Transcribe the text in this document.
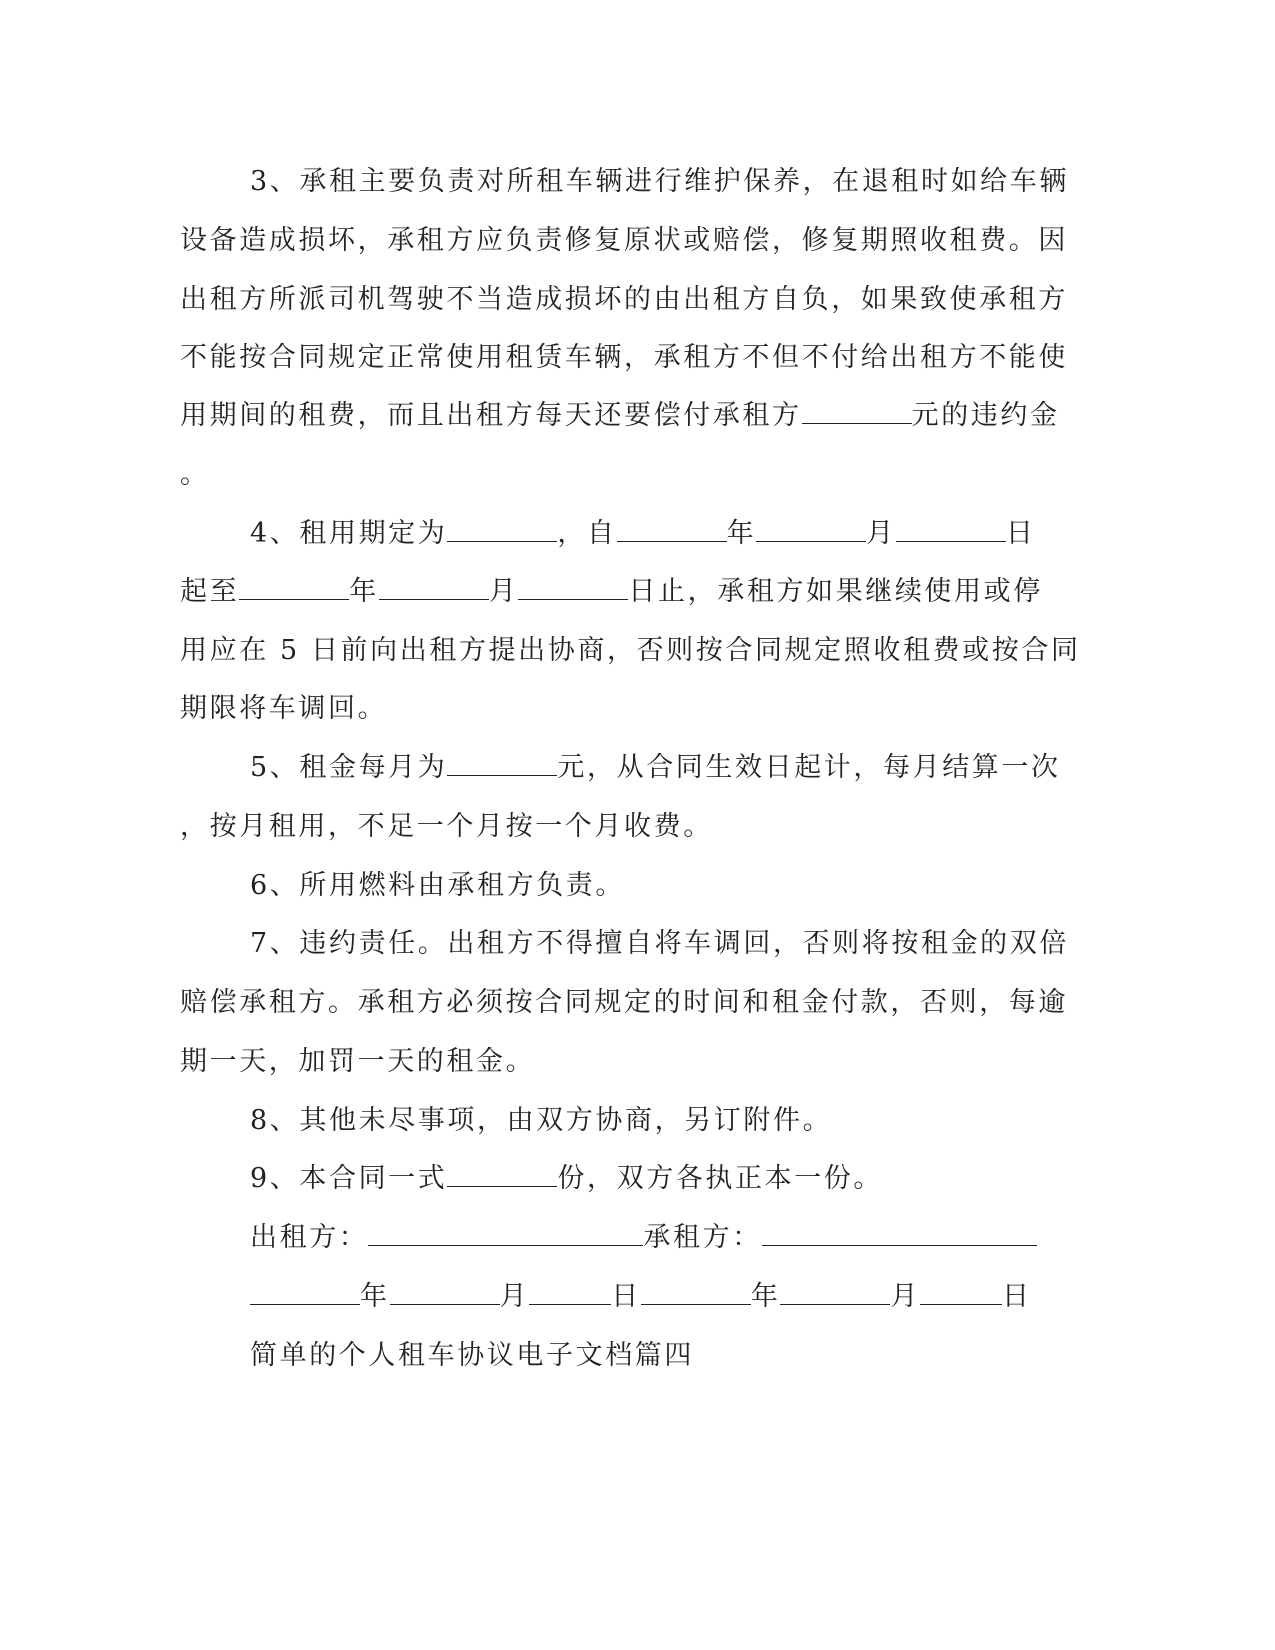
3、承租主要负责对所租车辆进行维护保养，在退租时如给车辆
设备造成损坏，承租方应负责修复原状或赔偿，修复期照收租费。因
出租方所派司机驾驶不当造成损坏的由出租方自负，如果致使承租方
不能按合同规定正常使用租赁车辆，承租方不但不付给出租方不能使
用期间的租费，而且出租方每天还要偿付承租方	元的违约金
。
4、租用期定为	，自	年	月	日
起至	年	月	日止，承租方如果继续使用或停
用应在 5 日前向出租方提出协商，否则按合同规定照收租费或按合同
期限将车调回。
5、租金每月为	元，从合同生效日起计，每月结算一次
，按月租用，不足一个月按一个月收费。
6、所用燃料由承租方负责。
7、违约责任。出租方不得擅自将车调回，否则将按租金的双倍
赔偿承租方。承租方必须按合同规定的时间和租金付款，否则，每逾
期一天，加罚一天的租金。
8、其他未尽事项，由双方协商，另订附件。
9、本合同一式	份，双方各执正本一份。
出租方：	承租方：
年	月	日	年	月	日
简单的个人租车协议电子文档篇四
